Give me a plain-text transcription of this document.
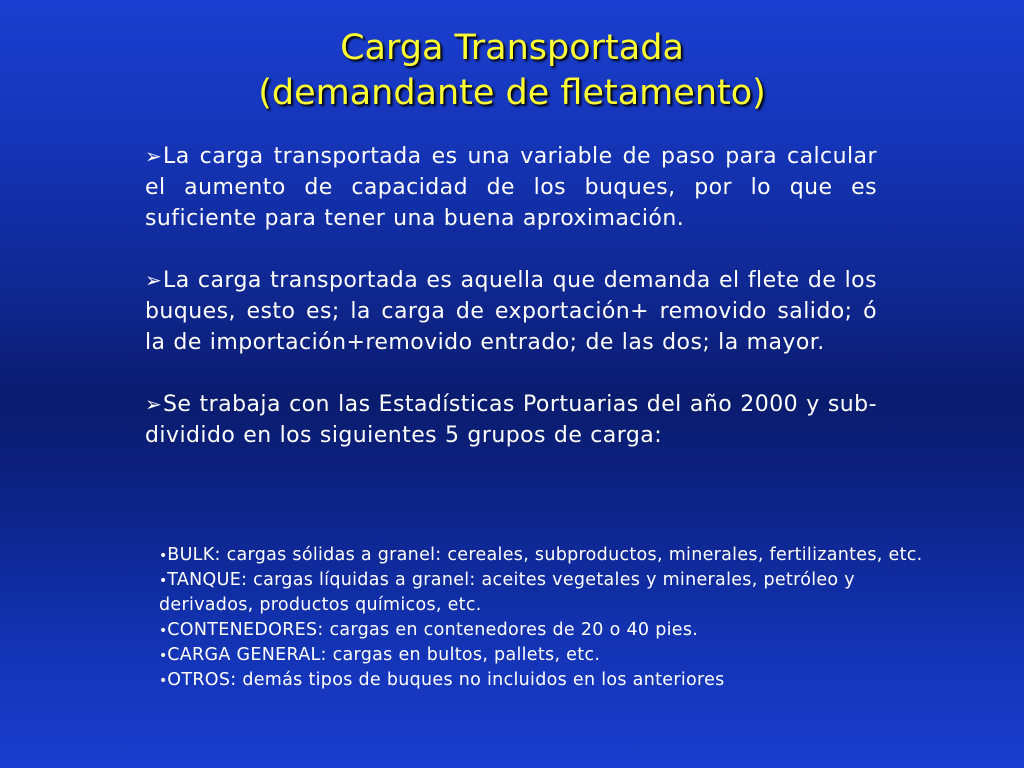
Carga Transportada
(demandante de fletamento)

➢La carga transportada es una variable de paso para calcular el aumento de capacidad de los buques, por lo que es suficiente para tener una buena aproximación.

➢La carga transportada es aquella que demanda el flete de los buques, esto es; la carga de exportación+ removido salido; ó la de importación+removido entrado; de las dos; la mayor.

➢Se trabaja con las Estadísticas Portuarias del año 2000 y sub-dividido en los siguientes 5 grupos de carga:

•BULK: cargas sólidas a granel: cereales, subproductos, minerales, fertilizantes, etc.
•TANQUE: cargas líquidas a granel: aceites vegetales y minerales, petróleo y derivados, productos químicos, etc.
•CONTENEDORES: cargas en contenedores de 20 o 40 pies.
•CARGA GENERAL: cargas en bultos, pallets, etc.
•OTROS: demás tipos de buques no incluidos en los anteriores
